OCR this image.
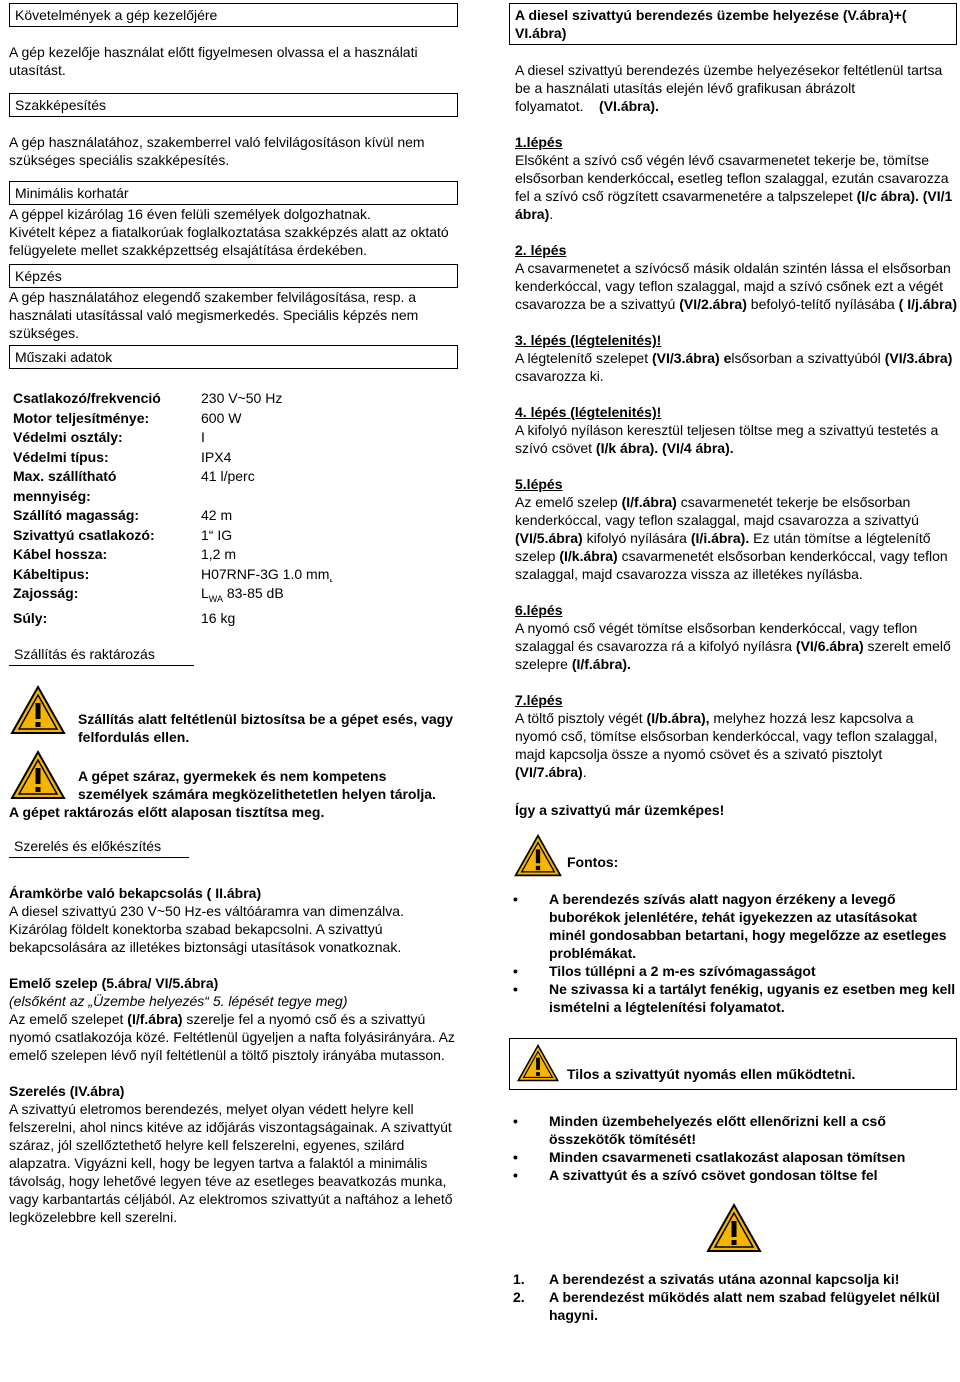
Követelmények a gép kezelőjére

A gép kezelője használat előtt figyelmesen olvassa el a használati utasítást.

Szakképesítés

A gép használatához, szakemberrel való felvilágosításon kívül nem szükséges speciális szakképesítés.

Minimális korhatár

A géppel kizárólag 16 éven felüli személyek dolgozhatnak.

Kivételt képez a fiatalkorúak foglalkoztatása szakképzés alatt az oktató felügyelete mellet szakképzettség elsajátítása érdekében.

Képzés

A gép használatához elegendő szakember felvilágosítása, resp. a használati utasítással való megismerkedés. Speciális képzés nem szükséges.

Műszaki adatok
Csatlakozó/frekvenció	230 V~50 Hz
Motor teljesítménye:	600 W
Védelmi osztály:	I
Védelmi típus:	IPX4
Max. szállítható mennyiség:	41 l/perc
Szállító magasság:	42 m
Szivattyú csatlakozó:	1“ IG
Kábel hossza:	1,2 m
Kábeltipus:	H07RNF-3G 1.0 mm˛
Zajosság:	$L_{WA}$ 83-85 dB
Súly:	16 kg
Szállítás és raktározás

Szállítás alatt feltétlenül biztosítsa be a gépet esés, vagy felfordulás ellen.

A gépet száraz, gyermekek és nem kompetens személyek számára megközelithetetlen helyen tárolja.

A gépet raktározás előtt alaposan tisztítsa meg.

Szerelés és előkészítés

Áramkörbe való bekapcsolás ( II.ábra)

A diesel szivattyú 230 V~50 Hz-es váltóáramra van dimenzálva. Kizárólag földelt konektorba szabad bekapcsolni. A szivattyú bekapcsolására az illetékes biztonsági utasítások vonatkoznak.

Emelő szelep (5.ábra/ VI/5.ábra)

(elsőként az „Üzembe helyezés“ 5. lépését tegye meg)

Az emelő szelepet (I/f.ábra) szerelje fel a nyomó cső és a szivattyú nyomó csatlakozója közé. Feltétlenül ügyeljen a nafta folyásirányára. Az emelő szelepen lévő nyíl feltétlenül a töltő pisztoly irányába mutasson.

Szerelés (IV.ábra)

A szivattyú eletromos berendezés, melyet olyan védett helyre kell felszerelni, ahol nincs kitéve az időjárás viszontagságainak. A szivattyút száraz, jól szellőztethető helyre kell felszerelni, egyenes, szilárd alapzatra. Vigyázni kell, hogy be legyen tartva a falaktól a minimális távolság, hogy lehetővé legyen téve az esetleges beavatkozás munka, vagy karbantartás céljából. Az elektromos szivattyút a naftához a lehető legközelebbre kell szerelni.

A diesel szivattyú berendezés üzembe helyezése (V.ábra)+( VI.ábra)

A diesel szivattyú berendezés üzembe helyezésekor feltétlenül tartsa be a használati utasítás elején lévő grafikusan ábrázolt folyamatot. (VI.ábra).

1.lépés

Elsőként a szívó cső végén lévő csavarmenetet tekerje be, tömítse elsősorban kenderkóccal, esetleg teflon szalaggal, ezután csavarozza fel a szívó cső rögzített csavarmenetére a talpszelepet (I/c ábra). (VI/1 ábra).

2. lépés

A csavarmenetet a szívócső másik oldalán szintén lássa el elsősorban kenderkóccal, vagy teflon szalaggal, majd a szívó csőnek ezt a végét csavarozza be a szivattyú (VI/2.ábra) befolyó-telítő nyílásába ( I/j.ábra)

3. lépés (légtelenités)!

A légtelenítő szelepet (VI/3.ábra) elsősorban a szivattyúból (VI/3.ábra) csavarozza ki.

4. lépés (légtelenités)!

A kifolyó nyíláson keresztül teljesen töltse meg a szivattyú testetés a szívó csövet (I/k ábra). (VI/4 ábra).

5.lépés

Az emelő szelep (I/f.ábra) csavarmenetét tekerje be elsősorban kenderkóccal, vagy teflon szalaggal, majd csavarozza a szivattyú (VI/5.ábra) kifolyó nyílására (I/i.ábra). Ez után tömítse a légtelenítő szelep (I/k.ábra) csavarmenetét elsősorban kenderkóccal, vagy teflon szalaggal, majd csavarozza vissza az illetékes nyílásba.

6.lépés

A nyomó cső végét tömítse elsősorban kenderkóccal, vagy teflon szalaggal és csavarozza rá a kifolyó nyílásra (VI/6.ábra) szerelt emelő szelepre (I/f.ábra).

7.lépés

A töltő pisztoly végét (I/b.ábra), melyhez hozzá lesz kapcsolva a nyomó cső, tömítse elsősorban kenderkóccal, vagy teflon szalaggal, majd kapcsolja össze a nyomó csövet és a szivató pisztolyt (VI/7.ábra).

Így a szivattyú már üzemképes!

Fontos:

• A berendezés szívás alatt nagyon érzékeny a levegő buborékok jelenlétére, tehát igyekezzen az utasításokat minél gondosabban betartani, hogy megelőzze az esetleges problémákat.
• Tilos túllépni a 2 m-es szívómagasságot
• Ne szivassa ki a tartályt fenékig, ugyanis ez esetben meg kell ismételni a légtelenítési folyamatot.

Tilos a szivattyút nyomás ellen működtetni.

• Minden üzembehelyezés előtt ellenőrizni kell a cső összekötők tömítését!
• Minden csavarmeneti csatlakozást alaposan tömítsen
• A szivattyút és a szívó csövet gondosan töltse fel
1. A berendezést a szivatás utána azonnal kapcsolja ki!
2. A berendezést működés alatt nem szabad felügyelet nélkül hagyni.
